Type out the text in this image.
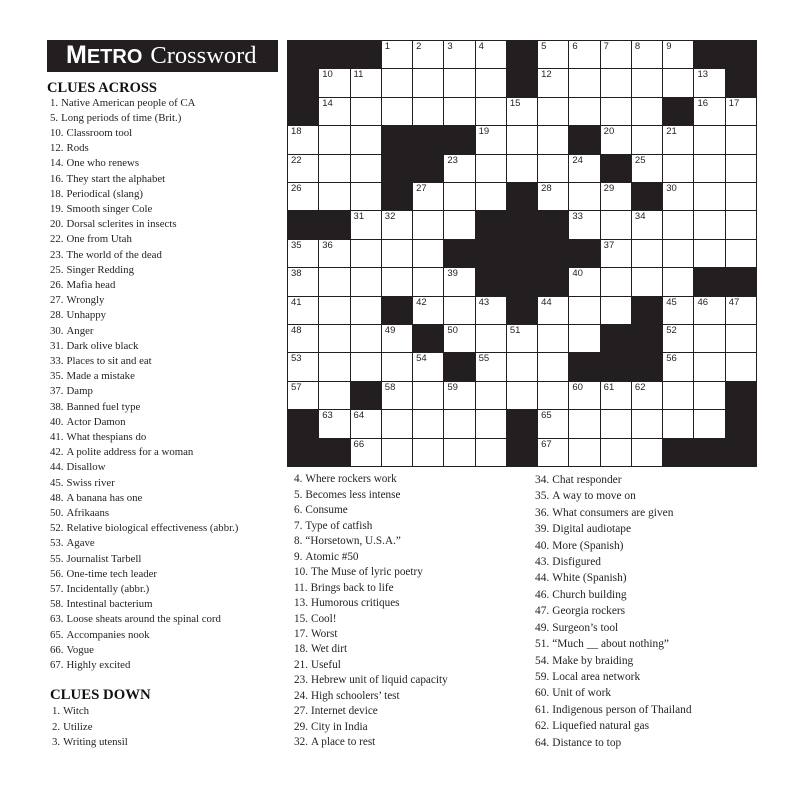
METRO Crossword
CLUES ACROSS
1. Native American people of CA
5. Long periods of time (Brit.)
10. Classroom tool
12. Rods
14. One who renews
16. They start the alphabet
18. Periodical (slang)
19. Smooth singer Cole
20. Dorsal sclerites in insects
22. One from Utah
23. The world of the dead
25. Singer Redding
26. Mafia head
27. Wrongly
28. Unhappy
30. Anger
31. Dark olive black
33. Places to sit and eat
35. Made a mistake
37. Damp
38. Banned fuel type
40. Actor Damon
41. What thespians do
42. A polite address for a woman
44. Disallow
45. Swiss river
48. A banana has one
50. Afrikaans
52. Relative biological effectiveness (abbr.)
53. Agave
55. Journalist Tarbell
56. One-time tech leader
57. Incidentally (abbr.)
58. Intestinal bacterium
63. Loose sheats around the spinal cord
65. Accompanies nook
66. Vogue
67. Highly excited
CLUES DOWN
1. Witch
2. Utilize
3. Writing utensil
4. Where rockers work
5. Becomes less intense
6. Consume
7. Type of catfish
8. “Horsetown, U.S.A.”
9. Atomic #50
10. The Muse of lyric poetry
11. Brings back to life
13. Humorous critiques
15. Cool!
17. Worst
18. Wet dirt
21. Useful
23. Hebrew unit of liquid capacity
24. High schoolers’ test
27. Internet device
29. City in India
32. A place to rest
34. Chat responder
35. A way to move on
36. What consumers are given
39. Digital audiotape
40. More (Spanish)
43. Disfigured
44. White (Spanish)
46. Church building
47. Georgia rockers
49. Surgeon’s tool
51. “Much __ about nothing”
54. Make by braiding
59. Local area network
60. Unit of work
61. Indigenous person of Thailand
62. Liquefied natural gas
64. Distance to top
1	2	3	4	5	6	7	8	9
10 11	12	13
14	15	16 17
18	19	20	21
22	23	24	25
26	27	28	29	30
31 32	33	34
35 36	37
38	39	40
41	42	43	44	45 46 47
48	49	50	51	52
53	54	55	56
57	58	59	60 61 62
63 64	65
66	67
